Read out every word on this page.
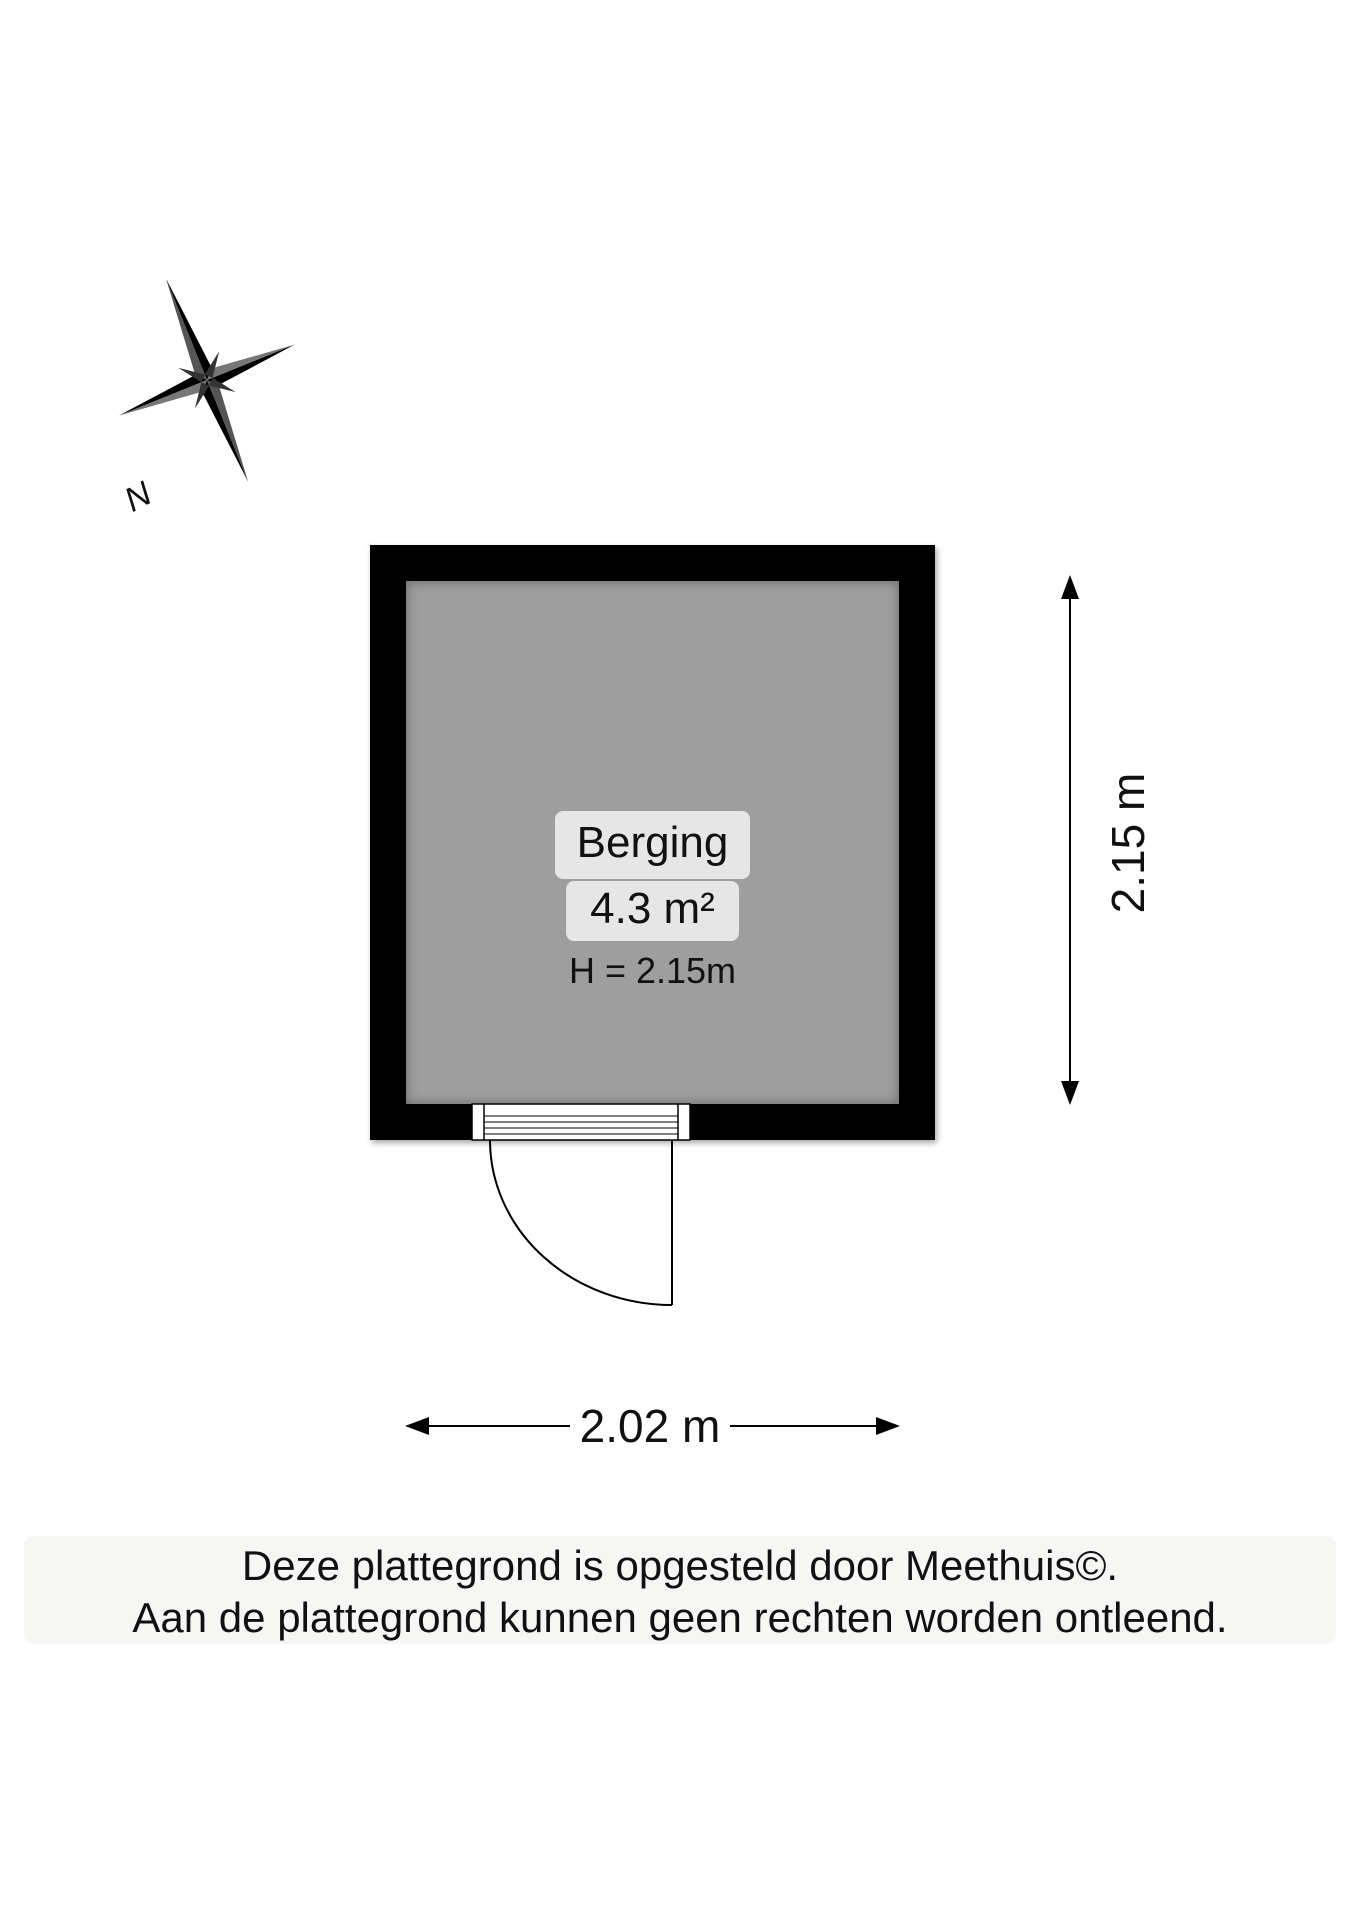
N
Berging
4.3 m²
H = 2.15m
2.15 m
2.02 m
Deze plattegrond is opgesteld door Meethuis©.
Aan de plattegrond kunnen geen rechten worden ontleend.
